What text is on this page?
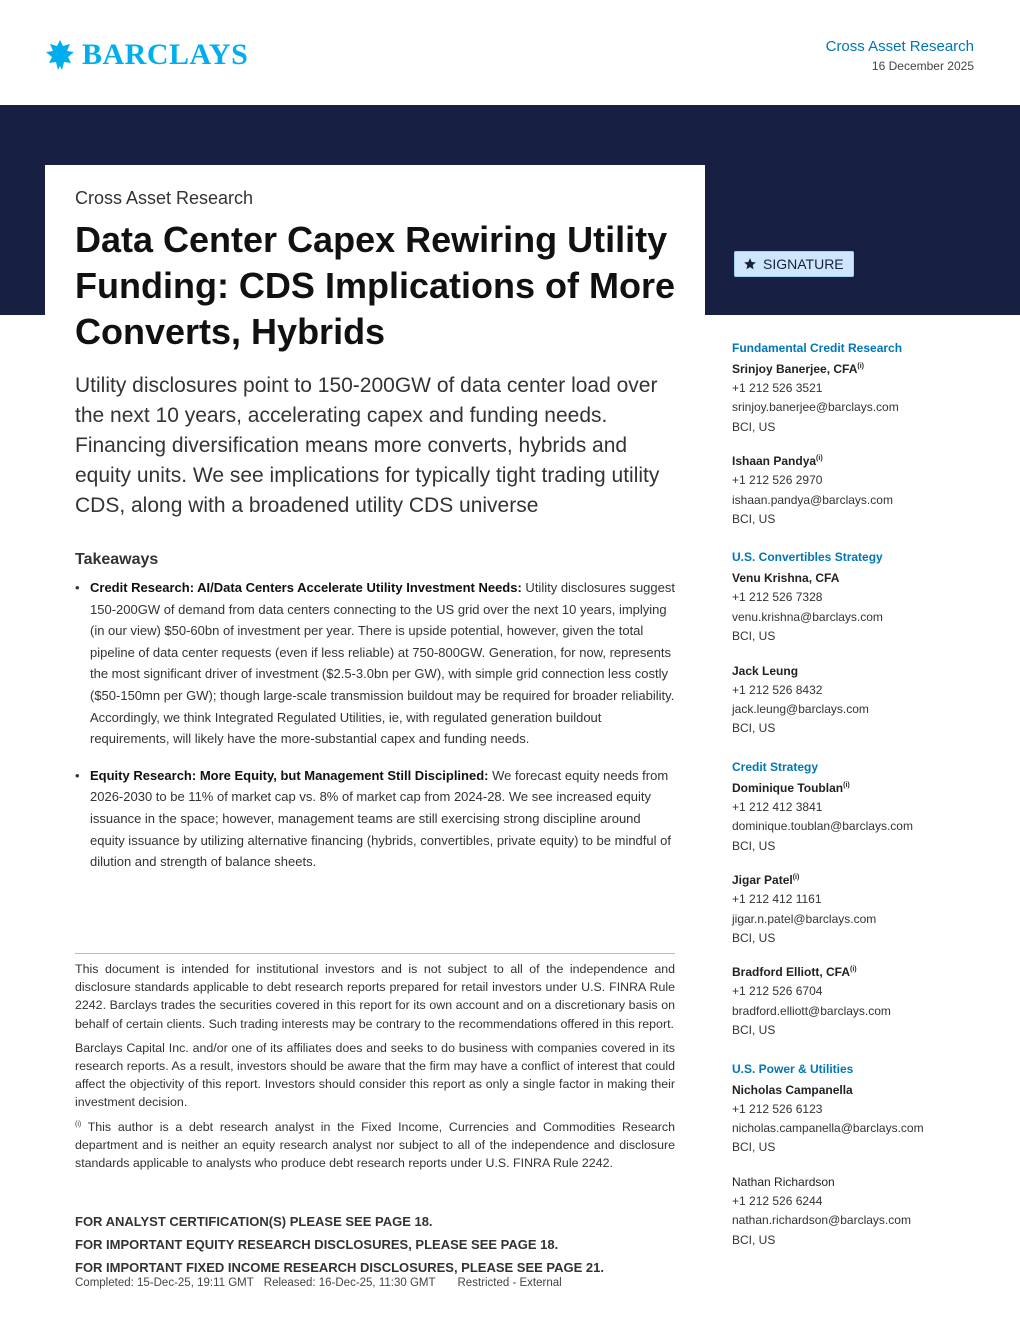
BARCLAYS	Cross Asset Research
16 December 2025
SIGNATURE
Cross Asset Research
Data Center Capex Rewiring Utility Funding: CDS Implications of More Converts, Hybrids
Utility disclosures point to 150-200GW of data center load over the next 10 years, accelerating capex and funding needs. Financing diversification means more converts, hybrids and equity units. We see implications for typically tight trading utility CDS, along with a broadened utility CDS universe
Takeaways
• Credit Research: AI/Data Centers Accelerate Utility Investment Needs: Utility disclosures suggest 150-200GW of demand from data centers connecting to the US grid over the next 10 years, implying (in our view) $50-60bn of investment per year. There is upside potential, however, given the total pipeline of data center requests (even if less reliable) at 750-800GW. Generation, for now, represents the most significant driver of investment ($2.5-3.0bn per GW), with simple grid connection less costly ($50-150mn per GW); though large-scale transmission buildout may be required for broader reliability. Accordingly, we think Integrated Regulated Utilities, ie, with regulated generation buildout requirements, will likely have the more-substantial capex and funding needs.
• Equity Research: More Equity, but Management Still Disciplined: We forecast equity needs from 2026-2030 to be 11% of market cap vs. 8% of market cap from 2024-28. We see increased equity issuance in the space; however, management teams are still exercising strong discipline around equity issuance by utilizing alternative financing (hybrids, convertibles, private equity) to be mindful of dilution and strength of balance sheets.

This document is intended for institutional investors and is not subject to all of the independence and disclosure standards applicable to debt research reports prepared for retail investors under U.S. FINRA Rule 2242. Barclays trades the securities covered in this report for its own account and on a discretionary basis on behalf of certain clients. Such trading interests may be contrary to the recommendations offered in this report.

Barclays Capital Inc. and/or one of its affiliates does and seeks to do business with companies covered in its research reports. As a result, investors should be aware that the firm may have a conflict of interest that could affect the objectivity of this report. Investors should consider this report as only a single factor in making their investment decision.

$^{(i)}$ This author is a debt research analyst in the Fixed Income, Currencies and Commodities Research department and is neither an equity research analyst nor subject to all of the independence and disclosure standards applicable to analysts who produce debt research reports under U.S. FINRA Rule 2242.

FOR ANALYST CERTIFICATION(S) PLEASE SEE PAGE 18.
FOR IMPORTANT EQUITY RESEARCH DISCLOSURES, PLEASE SEE PAGE 18.
FOR IMPORTANT FIXED INCOME RESEARCH DISCLOSURES, PLEASE SEE PAGE 21.
Completed: 15-Dec-25, 19:11 GMT Released: 16-Dec-25, 11:30 GMT Restricted - External
Fundamental Credit Research
Srinjoy Banerjee, $CFA^{(i)}$
+1 212 526 3521
srinjoy.banerjee@barclays.com
BCI, US
Ishaan Pandya$^{(i)}$
+1 212 526 2970
ishaan.pandya@barclays.com
BCI, US
U.S. Convertibles Strategy
Venu Krishna, CFA
+1 212 526 7328
venu.krishna@barclays.com
BCI, US
Jack Leung
+1 212 526 8432
jack.leung@barclays.com
BCI, US
Credit Strategy
Dominique Toublan$^{(i)}$
+1 212 412 3841
dominique.toublan@barclays.com
BCI, US
Jigar Patel$^{(i)}$
+1 212 412 1161
jigar.n.patel@barclays.com
BCI, US
Bradford Elliott, $CFA^{(i)}$
+1 212 526 6704
bradford.elliott@barclays.com
BCI, US
U.S. Power & Utilities
Nicholas Campanella
+1 212 526 6123
nicholas.campanella@barclays.com
BCI, US
Nathan Richardson
+1 212 526 6244
nathan.richardson@barclays.com
BCI, US
